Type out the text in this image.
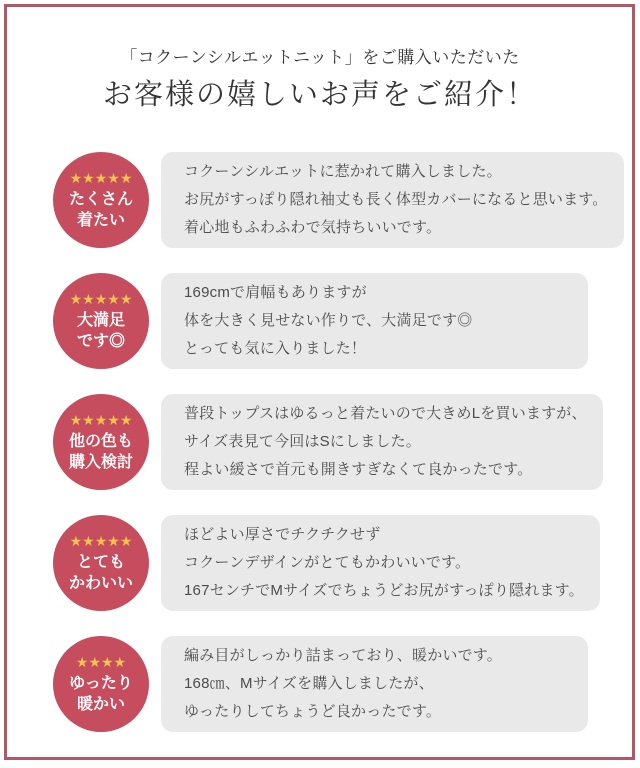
「コクーンシルエットニット」をご購入いただいた
お客様の嬉しいお声をご紹介！
★★★★★
たくさん
着たい
コクーンシルエットに惹かれて購入しました。
お尻がすっぽり隠れ袖丈も長く体型カバーになると思います。
着心地もふわふわで気持ちいいです。
★★★★★
大満足
です◎
169cmで肩幅もありますが
体を大きく見せない作りで、大満足です◎
とっても気に入りました！
★★★★★
他の色も
購入検討
普段トップスはゆるっと着たいので大きめLを買いますが、
サイズ表見て今回はSにしました。
程よい緩さで首元も開きすぎなくて良かったです。
★★★★★
とても
かわいい
ほどよい厚さでチクチクせず
コクーンデザインがとてもかわいいです。
167センチでMサイズでちょうどお尻がすっぽり隠れます。
★★★★
ゆったり
暖かい
編み目がしっかり詰まっており、暖かいです。
168㎝、Mサイズを購入しましたが、
ゆったりしてちょうど良かったです。
